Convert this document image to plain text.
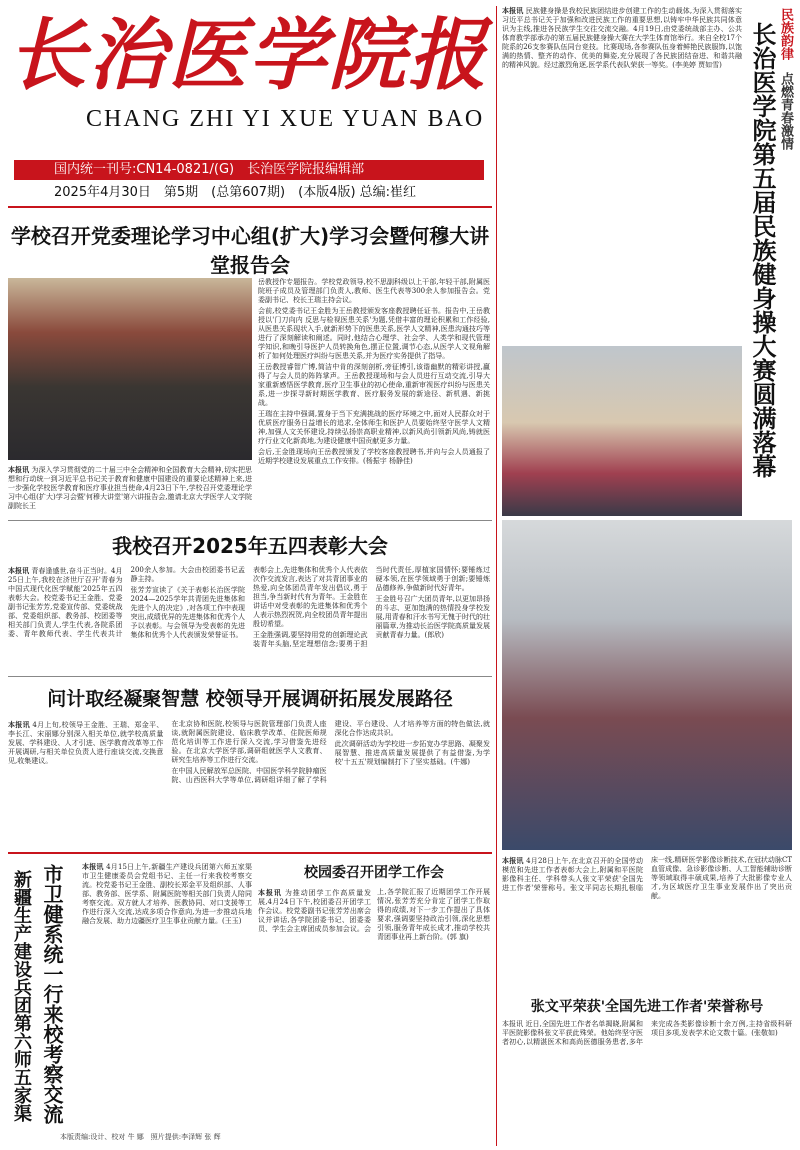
长治医学院报
CHANG ZHI YI XUE YUAN BAO
国内统一刊号:CN14-0821/(G)　长治医学院报编辑部
2025年4月30日　第5期　(总第607期)　(本版4版) 总编:崔红
学校召开党委理论学习中心组(扩大)学习会暨何穆大讲堂报告会

本报讯 为深入学习贯彻党的二十届三中全会精神和全国教育大会精神,切实把思想和行动统一到习近平总书记关于教育和健康中国建设的重要论述精神上来,进一步强化学校医学教育和医疗事业担当使命,4月23日下午,学校召开党委理论学习中心组(扩大)学习会暨'何穆大讲堂'第六讲报告会,邀请北京大学医学人文学院副院长王

岳教授作专题报告。学校党政领导,校不思副科级以上干部,年轻干部,附属医院班子成员及管理部门负责人,教师、医生代表等300余人参加报告会。党委副书记、校长王瑞主持会议。

会前,校党委书记王金胜为王岳教授颁发客座教授聘任证书。报告中,王岳教授以'门刀向内 反思与检视医患关系'为题,凭借丰富的理论积累和工作经验,从医患关系现状入手,就新形势下的医患关系,医学人文精神,医患沟通技巧等进行了深刻解读和阐述。同时,他结合心理学、社会学、人类学和现代管理学知识,和晚引导医护人员转换角色,摆正位置,调节心态,从医学人文视角解析了如何处理医疗纠纷与医患关系,并为医疗实务提供了指导。

王岳教授睿智广博,简洁中肯的深刻剖析,旁征博引,该谐幽默的精彩讲授,赢得了与会人员的阵阵掌声。王岳教授现场和与会人员进行互动交流,引导大家重新感悟医学教育,医疗卫生事业的初心使命,重新审视医疗纠纷与医患关系,进一步探寻新时期医学教育、医疗服务发展的新途径、新机遇、新挑战。

王瑞在主持中强调,置身于当下充满挑战的医疗环境之中,面对人民群众对于优质医疗服务日益增长的追求,全体师生和医护人员要始终坚守医学人文精神,加强人文关怀建设,持续弘扬崇高职业精神,以新风尚引领新风尚,铸就医疗行业文化新高地,为建设健康中国贡献更多力量。

会后,王金胜现场向王岳教授颁发了学校客座教授聘书,并向与会人员通报了近期学校建设发展重点工作安排。(杨振宇 杨静佳)

我校召开2025年五四表彰大会

本报讯 青春逢盛世,奋斗正当时。4月25日上午,我校在济世厅召开'青春为中国式现代化医学赋能'2025年五四表彰大会。校党委书记王金胜、党委副书记张芳芳,党委宣传部、党委统战部、党委组织部、教务部、校团委等相关部门负责人,学生代表,各院系团委、青年教师代表、学生代表共计200余人参加。大会由校团委书记孟静主持。

张芳芳宣读了《关于表彰长治医学院2024—2025学年共青团先进集体和先进个人的决定》,对各项工作中表现突出,成绩优异的先进集体和优秀个人予以表彰。与会领导为受表彰的先进集体和优秀个人代表颁发荣誉证书。

表彰会上,先进集体和优秀个人代表依次作交流发言,表达了对共青团事业的热爱,向全体团员青年发出倡议,勇于担当,争当新时代有为青年。王金胜在讲话中对受表彰的先进集体和优秀个人表示热烈祝贺,向全校团员青年提出殷切希望。

王金胜强调,要坚持用党的创新理论武装青年头脑,坚定理想信念;要勇于担当时代责任,厚植家国情怀;要锤炼过硬本领,在医学领域勇于创新;要锤炼品德修养,争做新时代好青年。

王金胜号召广大团员青年,以更加昂扬的斗志、更加饱满的热情投身学校发展,用青春和汗水书写无愧于时代的壮丽篇章,为推动长治医学院高质量发展贡献青春力量。(郎欣)

问计取经凝聚智慧 校领导开展调研拓展发展路径

本报讯 4月上旬,校领导王金胜、王瑞、郑金平、李长江、宋丽娜分别深入相关单位,就学校高质量发展、学科建设、人才引进、医学教育改革等工作开展调研,与相关单位负责人进行座谈交流,交换意见,收集建议。

在北京协和医院,校领导与医院管理部门负责人座谈,就附属医院建设、临床教学改革、住院医师规范化培训等工作进行深入交流,学习借鉴先进经验。在北京大学医学部,调研组就医学人文教育、研究生培养等工作进行交流。

在中国人民解放军总医院、中国医学科学院肿瘤医院、山西医科大学等单位,调研组详细了解了学科建设、平台建设、人才培养等方面的特色做法,就深化合作达成共识。

此次调研活动为学校进一步拓宽办学思路、凝聚发展智慧、推进高质量发展提供了有益借鉴,为学校'十五五'规划编制打下了坚实基础。(牛娜)

市卫健系统一行来校考察交流
新疆生产建设兵团第六师五家渠

本报讯 4月15日上午,新疆生产建设兵团第六师五家渠市卫生健康委员会党组书记、主任一行来我校考察交流。校党委书记王金胜、副校长郑金平及组织部、人事部、教务部、医学系、附属医院等相关部门负责人陪同考察交流。双方就人才培养、医教协同、对口支援等工作进行深入交流,达成多项合作意向,为进一步推动兵地融合发展、助力边疆医疗卫生事业贡献力量。(王玉)

本版责编:设计、校对 牛 娜　照片提供:李泽辉 张 辉
校园委召开团学工作会

本报讯 为推动团学工作高质量发展,4月24日下午,校团委召开团学工作会议。校党委副书记张芳芳出席会议并讲话,各学院团委书记、团委委员、学生会主席团成员参加会议。会上,各学院汇报了近期团学工作开展情况,张芳芳充分肯定了团学工作取得的成绩,对下一步工作提出了具体要求,强调要坚持政治引领,深化思想引领,服务青年成长成才,推动学校共青团事业再上新台阶。(郭 旗)

本报讯 民族健身操是我校民族团结进步创建工作的生动载体,为深入贯彻落实习近平总书记关于加强和改进民族工作的重要思想,以铸牢中华民族共同体意识为主线,推进各民族学生交往交流交融。4月19日,由党委统战部主办、公共体育教学部承办的第五届民族健身操大赛在大学生体育馆举行。来自全校17个院系的26支参赛队伍同台竞技。比赛现场,各参赛队伍身着鲜艳民族服饰,以饱满的热情、整齐的动作、优美的舞姿,充分展现了各民族团结奋进、和谐共融的精神风貌。经过激烈角逐,医学系代表队荣获一等奖。(李美婷 贾如雪)

民族韵律
点燃青春激情
长治医学院第五届民族健身操大赛圆满落幕

本报讯 4月28日上午,在北京召开的全国劳动模范和先进工作者表彰大会上,附属和平医院影像科主任、学科带头人张文平荣获'全国先进工作者'荣誉称号。张文平同志长期扎根临床一线,精研医学影像诊断技术,在冠状动脉CT血管成像、急诊影像诊断、人工智能辅助诊断等领域取得丰硕成果,培养了大批影像专业人才,为区域医疗卫生事业发展作出了突出贡献。

张文平荣获'全国先进工作者'荣誉称号

本报讯 近日,全国先进工作者名单揭晓,附属和平医院影像科张文平获此殊荣。他始终坚守医者初心,以精湛医术和高尚医德服务患者,多年来完成各类影像诊断十余万例,主持省级科研项目多项,发表学术论文数十篇。(张敬如)
